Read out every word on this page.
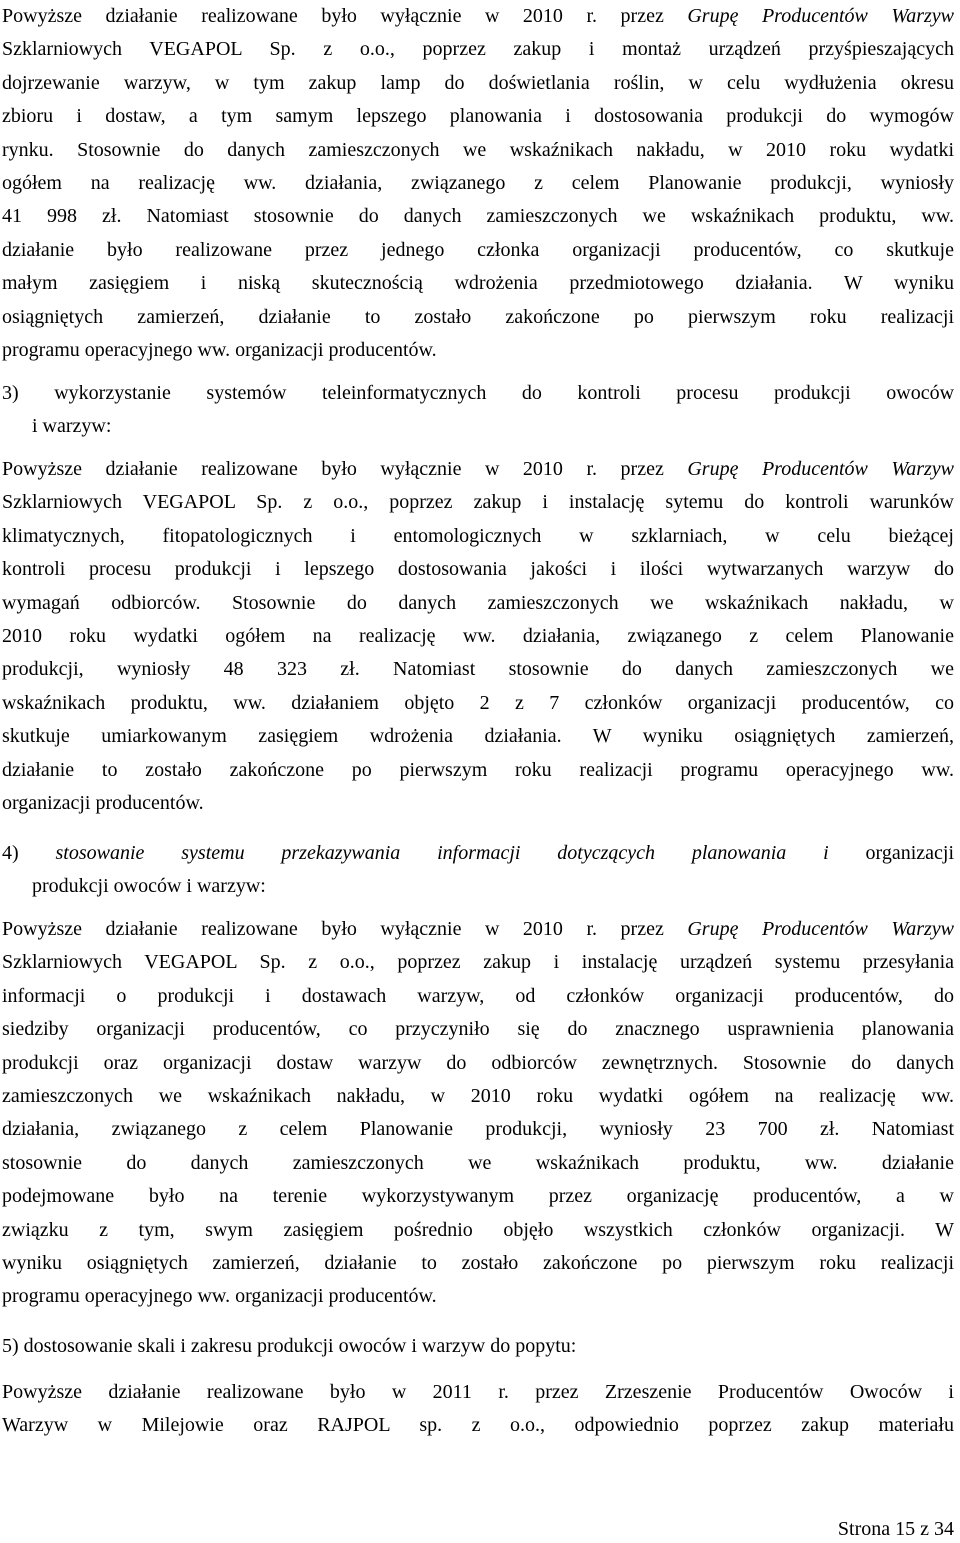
Powyższe działanie realizowane było wyłącznie w 2010 r. przez Grupę Producentów Warzyw
Szklarniowych VEGAPOL Sp. z o.o., poprzez zakup i montaż urządzeń przyśpieszających
dojrzewanie warzyw, w tym zakup lamp do doświetlania roślin, w celu wydłużenia okresu
zbioru i dostaw, a tym samym lepszego planowania i dostosowania produkcji do wymogów
rynku. Stosownie do danych zamieszczonych we wskaźnikach nakładu, w 2010 roku wydatki
ogółem na realizację ww. działania, związanego z celem Planowanie produkcji, wyniosły
41 998 zł. Natomiast stosownie do danych zamieszczonych we wskaźnikach produktu, ww.
działanie było realizowane przez jednego członka organizacji producentów, co skutkuje
małym zasięgiem i niską skutecznością wdrożenia przedmiotowego działania. W wyniku
osiągniętych zamierzeń, działanie to zostało zakończone po pierwszym roku realizacji
programu operacyjnego ww. organizacji producentów.
3) wykorzystanie systemów teleinformatycznych do kontroli procesu produkcji owoców
i warzyw:
Powyższe działanie realizowane było wyłącznie w 2010 r. przez Grupę Producentów Warzyw
Szklarniowych VEGAPOL Sp. z o.o., poprzez zakup i instalację sytemu do kontroli warunków
klimatycznych, fitopatologicznych i entomologicznych w szklarniach, w celu bieżącej
kontroli procesu produkcji i lepszego dostosowania jakości i ilości wytwarzanych warzyw do
wymagań odbiorców. Stosownie do danych zamieszczonych we wskaźnikach nakładu, w
2010 roku wydatki ogółem na realizację ww. działania, związanego z celem Planowanie
produkcji, wyniosły 48 323 zł. Natomiast stosownie do danych zamieszczonych we
wskaźnikach produktu, ww. działaniem objęto 2 z 7 członków organizacji producentów, co
skutkuje umiarkowanym zasięgiem wdrożenia działania. W wyniku osiągniętych zamierzeń,
działanie to zostało zakończone po pierwszym roku realizacji programu operacyjnego ww.
organizacji producentów.
4) stosowanie systemu przekazywania informacji dotyczących planowania i organizacji
produkcji owoców i warzyw:
Powyższe działanie realizowane było wyłącznie w 2010 r. przez Grupę Producentów Warzyw
Szklarniowych VEGAPOL Sp. z o.o., poprzez zakup i instalację urządzeń systemu przesyłania
informacji o produkcji i dostawach warzyw, od członków organizacji producentów, do
siedziby organizacji producentów, co przyczyniło się do znacznego usprawnienia planowania
produkcji oraz organizacji dostaw warzyw do odbiorców zewnętrznych. Stosownie do danych
zamieszczonych we wskaźnikach nakładu, w 2010 roku wydatki ogółem na realizację ww.
działania, związanego z celem Planowanie produkcji, wyniosły 23 700 zł. Natomiast
stosownie do danych zamieszczonych we wskaźnikach produktu, ww. działanie
podejmowane było na terenie wykorzystywanym przez organizację producentów, a w
związku z tym, swym zasięgiem pośrednio objęło wszystkich członków organizacji. W
wyniku osiągniętych zamierzeń, działanie to zostało zakończone po pierwszym roku realizacji
programu operacyjnego ww. organizacji producentów.
5) dostosowanie skali i zakresu produkcji owoców i warzyw do popytu:
Powyższe działanie realizowane było w 2011 r. przez Zrzeszenie Producentów Owoców i
Warzyw w Milejowie oraz RAJPOL sp. z o.o., odpowiednio poprzez zakup materiału
Strona 15 z 34
